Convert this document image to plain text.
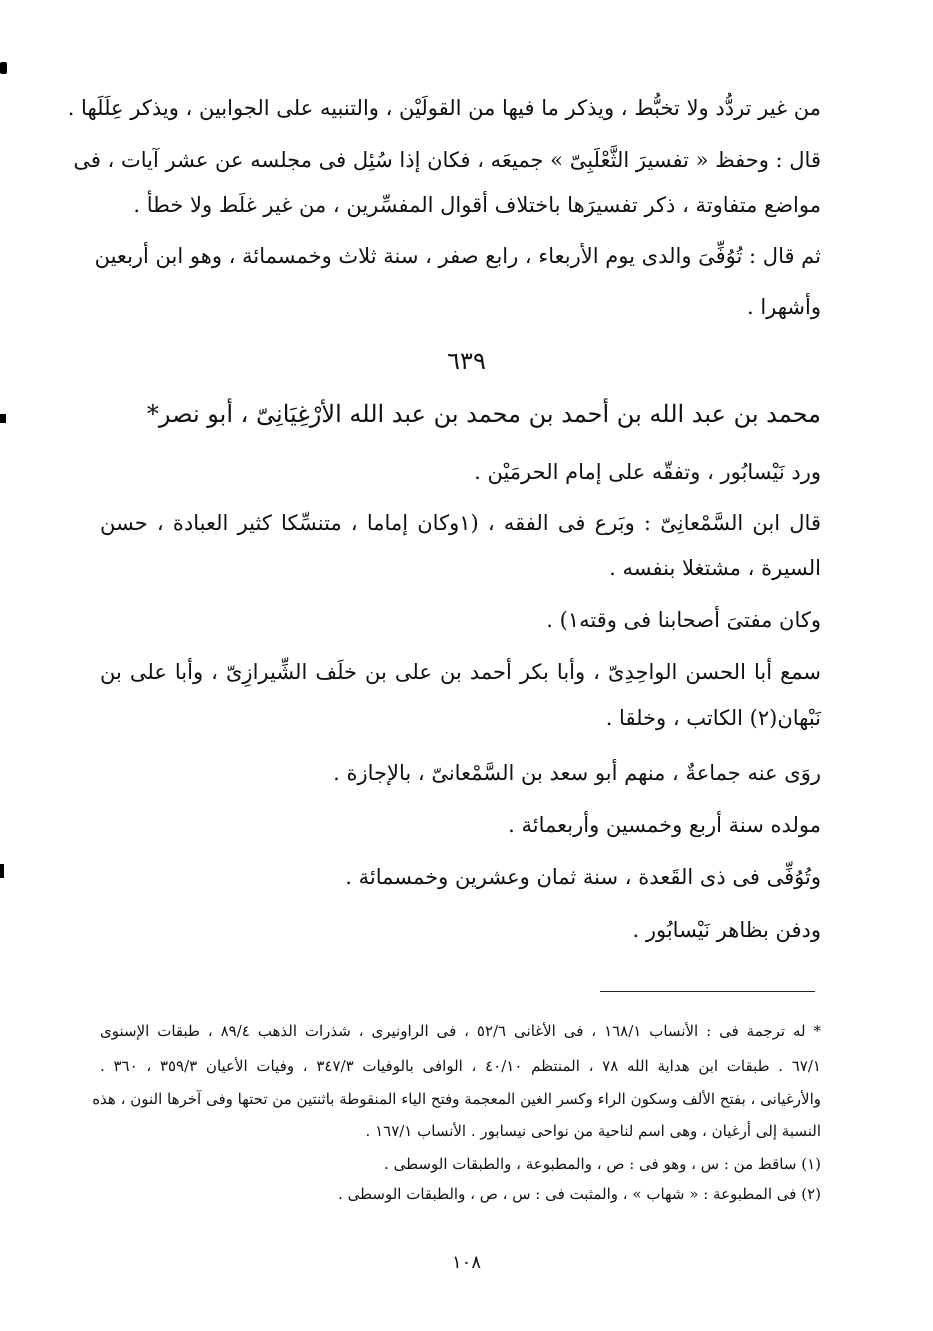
من غير تردُّد ولا تخبُّط ، ويذكر ما فيها من القولَيْن ، والتنبيه على الجوابين ، ويذكر عِلَلَها .
قال : وحفظ « تفسيرَ الثَّعْلَبِىّ » جميعَه ، فكان إذا سُئِل فى مجلسه عن عشر آيات ، فى
مواضع متفاوتة ، ذكر تفسيرَها باختلاف أقوال المفسِّرين ، من غير غلَط ولا خطأ .
ثم قال : تُوُفِّىَ والدى يوم الأربعاء ، رابع صفر ، سنة ثلاث وخمسمائة ، وهو ابن أربعين
وأشهرا .
٦٣٩
محمد بن عبد الله بن أحمد بن محمد بن عبد الله الأرْغِيَانِىّ ، أبو نصر*
ورد نَيْسابُور ، وتفقّه على إمام الحرمَيْن .
قال ابن السَّمْعانِىّ : وبَرع فى الفقه ، (١وكان إماما ، متنسِّكا كثير العبادة ، حسن
السيرة ، مشتغلا بنفسه .
وكان مفتىَ أصحابنا فى وقته١) .
سمع أبا الحسن الواحِدِىّ ، وأبا بكر أحمد بن على بن خلَف الشِّيرازِىّ ، وأبا على بن
نَبْهان(٢) الكاتب ، وخلقا .
روَى عنه جماعةٌ ، منهم أبو سعد بن السَّمْعانىّ ، بالإجازة .
مولده سنة أربع وخمسين وأربعمائة .
وتُوُفِّى فى ذى القَعدة ، سنة ثمان وعشرين وخمسمائة .
ودفن بظاهر نَيْسابُور .
* له ترجمة فى : الأنساب ١٦٨/١ ، فى الأغانى ٥٢/٦ ، فى الراونيرى ، شذرات الذهب ٨٩/٤ ، طبقات الإسنوى
٦٧/١ . طبقات ابن هداية الله ٧٨ ، المنتظم ٤٠/١٠ ، الوافى بالوفيات ٣٤٧/٣ ، وفيات الأعيان ٣٥٩/٣ ، ٣٦٠ .
والأرغيانى ، بفتح الألف وسكون الراء وكسر الغين المعجمة وفتح الياء المنقوطة باثنتين من تحتها وفى آخرها النون ، هذه
النسبة إلى أرغيان ، وهى اسم لناحية من نواحى نيسابور . الأنساب ١٦٧/١ .
(١) ساقط من : س ، وهو فى : ص ، والمطبوعة ، والطبقات الوسطى .
(٢) فى المطبوعة : « شهاب » ، والمثبت فى : س ، ص ، والطبقات الوسطى .
١٠٨
